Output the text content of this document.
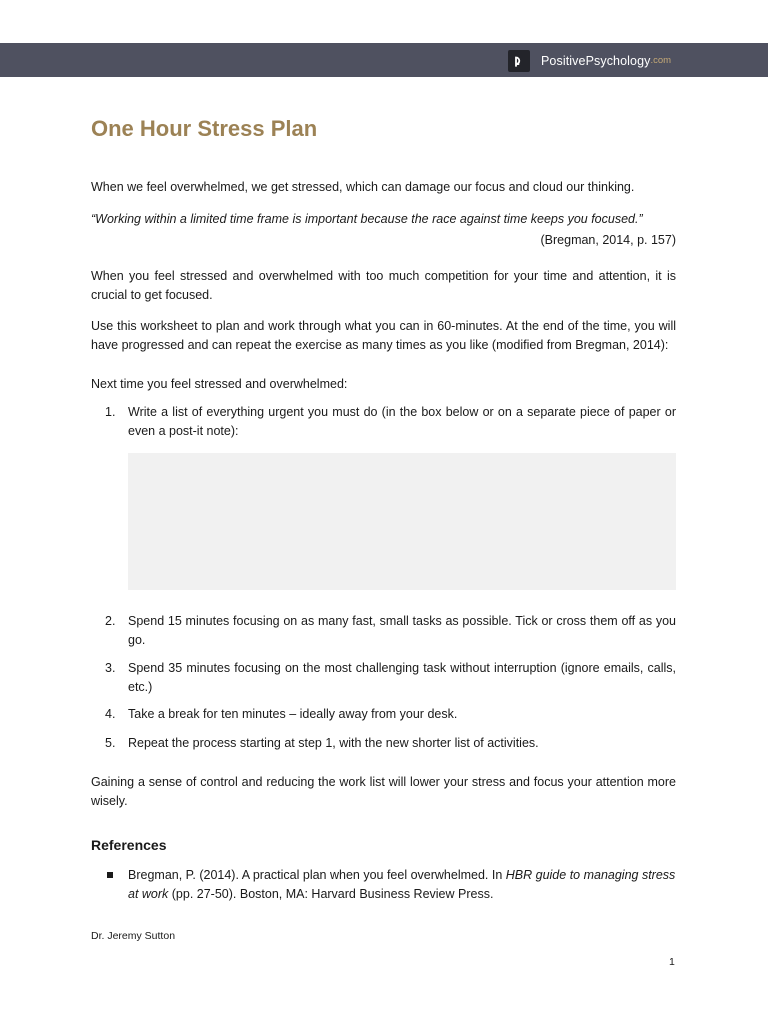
PositivePsychology .com
One Hour Stress Plan

When we feel overwhelmed, we get stressed, which can damage our focus and cloud our thinking.

“Working within a limited time frame is important because the race against time keeps you focused.”

(Bregman, 2014, p. 157)

When you feel stressed and overwhelmed with too much competition for your time and attention, it is crucial to get focused.

Use this worksheet to plan and work through what you can in 60-minutes. At the end of the time, you will have progressed and can repeat the exercise as many times as you like (modified from Bregman, 2014):

Next time you feel stressed and overwhelmed:

1. Write a list of everything urgent you must do (in the box below or on a separate piece of paper or even a post-it note):
2. Spend 15 minutes focusing on as many fast, small tasks as possible. Tick or cross them off as you go.
3. Spend 35 minutes focusing on the most challenging task without interruption (ignore emails, calls, etc.)
4. Take a break for ten minutes – ideally away from your desk.
5. Repeat the process starting at step 1, with the new shorter list of activities.

Gaining a sense of control and reducing the work list will lower your stress and focus your attention more wisely.

References
Bregman, P. (2014). A practical plan when you feel overwhelmed. In HBR guide to managing stress at work (pp. 27-50). Boston, MA: Harvard Business Review Press.
Dr. Jeremy Sutton
1
